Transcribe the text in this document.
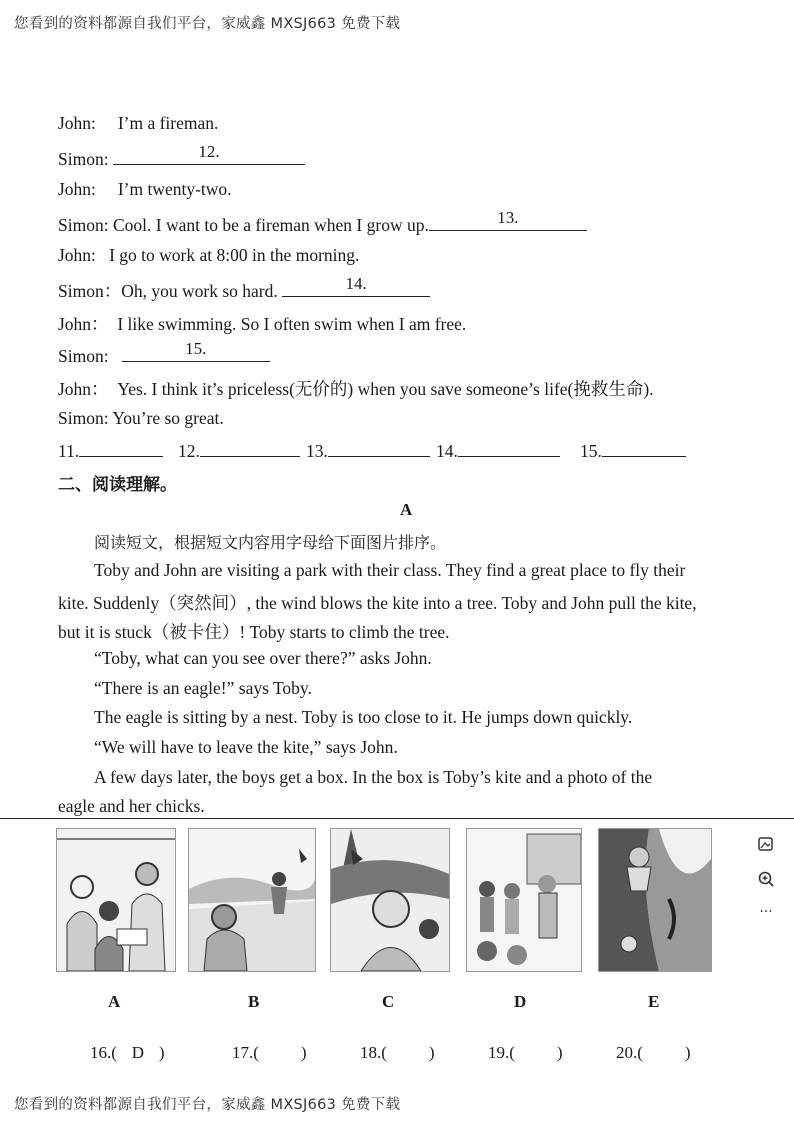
您看到的资料都源自我们平台，家威鑫 MXSJ663 免费下载
John: I’m a fireman.
Simon:	12.
John: I’m twenty-two.
Simon: Cool. I want to be a fireman when I grow up.	13.
John: I go to work at 8:00 in the morning.
Simon：Oh, you work so hard.	14.
John： I like swimming. So I often swim when I am free.
Simon:	15.
John： Yes. I think it’s priceless(无价的) when you save someone’s life(挽救生命).
Simon: You’re so great.
11.	12.	13.	14.	15.
二、阅读理解。
A
阅读短文，根据短文内容用字母给下面图片排序。
Toby and John are visiting a park with their class. They find a great place to fly their
kite. Suddenly（突然间）, the wind blows the kite into a tree. Toby and John pull the kite,
but it is stuck（被卡住）! Toby starts to climb the tree.
“Toby, what can you see over there?” asks John.
“There is an eagle!” says Toby.
The eagle is sitting by a nest. Toby is too close to it. He jumps down quickly.
“We will have to leave the kite,” says John.
A few days later, the boys get a box. In the box is Toby’s kite and a photo of the
eagle and her chicks.
A	B	C	D	E
16.( D )	17.( )	18.( )	19.( )	20.( )
···
您看到的资料都源自我们平台，家威鑫 MXSJ663 免费下载
